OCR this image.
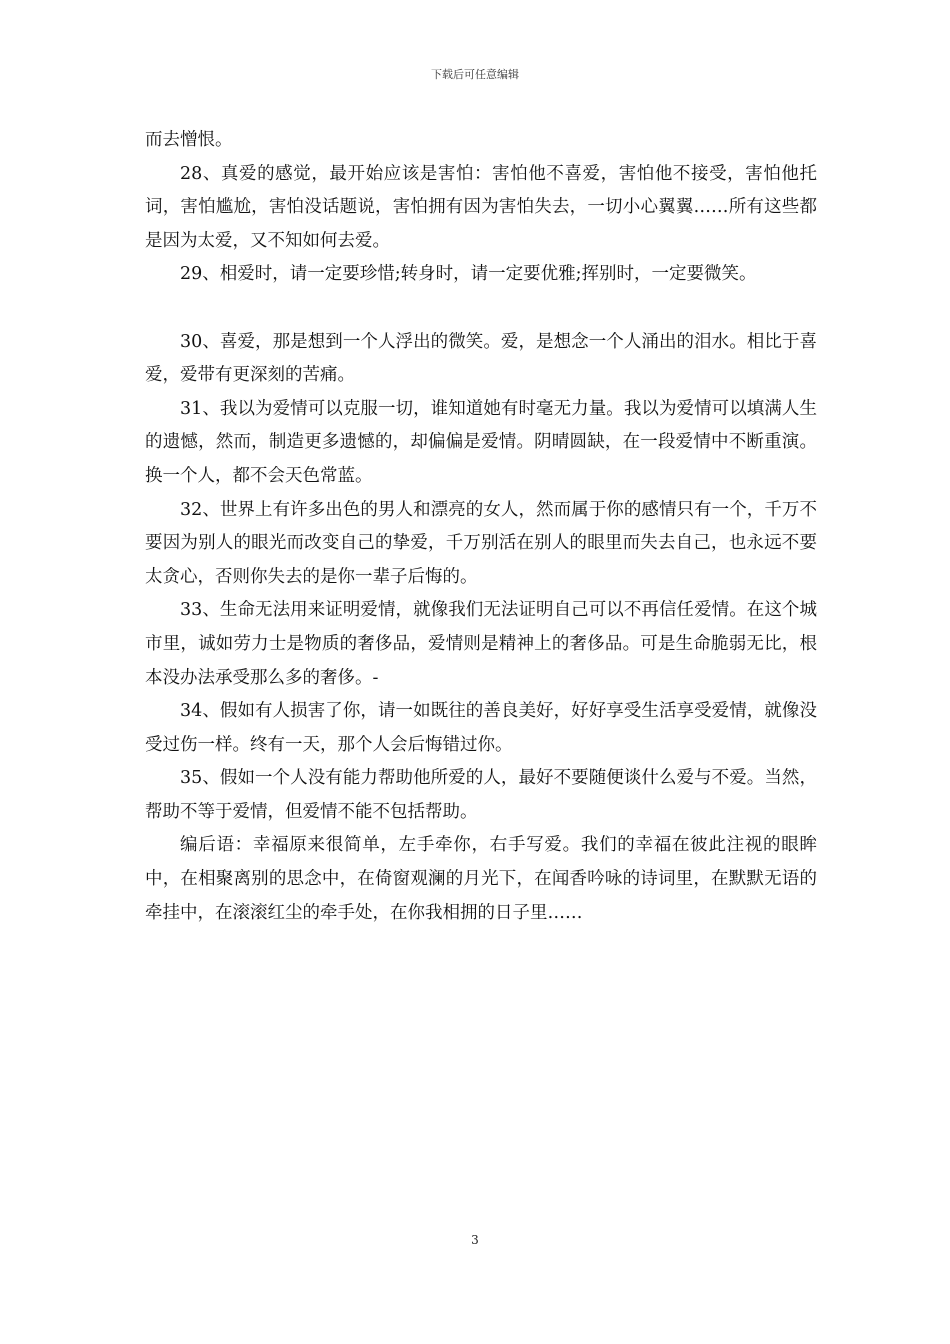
下载后可任意编辑

而去憎恨。

28、真爱的感觉，最开始应该是害怕：害怕他不喜爱，害怕他不接受，害怕他托词，害怕尴尬，害怕没话题说，害怕拥有因为害怕失去，一切小心翼翼……所有这些都是因为太爱，又不知如何去爱。

29、相爱时，请一定要珍惜;转身时，请一定要优雅;挥别时，一定要微笑。

30、喜爱，那是想到一个人浮出的微笑。爱，是想念一个人涌出的泪水。相比于喜爱，爱带有更深刻的苦痛。

31、我以为爱情可以克服一切，谁知道她有时毫无力量。我以为爱情可以填满人生的遗憾，然而，制造更多遗憾的，却偏偏是爱情。阴晴圆缺，在一段爱情中不断重演。换一个人，都不会天色常蓝。

32、世界上有许多出色的男人和漂亮的女人，然而属于你的感情只有一个，千万不要因为别人的眼光而改变自己的挚爱，千万别活在别人的眼里而失去自己，也永远不要太贪心，否则你失去的是你一辈子后悔的。

33、生命无法用来证明爱情，就像我们无法证明自己可以不再信任爱情。在这个城市里，诚如劳力士是物质的奢侈品，爱情则是精神上的奢侈品。可是生命脆弱无比，根本没办法承受那么多的奢侈。-

34、假如有人损害了你，请一如既往的善良美好，好好享受生活享受爱情，就像没受过伤一样。终有一天，那个人会后悔错过你。

35、假如一个人没有能力帮助他所爱的人，最好不要随便谈什么爱与不爱。当然，帮助不等于爱情，但爱情不能不包括帮助。

编后语：幸福原来很简单，左手牵你，右手写爱。我们的幸福在彼此注视的眼眸中，在相聚离别的思念中，在倚窗观澜的月光下，在闻香吟咏的诗词里，在默默无语的牵挂中，在滚滚红尘的牵手处，在你我相拥的日子里……

3
